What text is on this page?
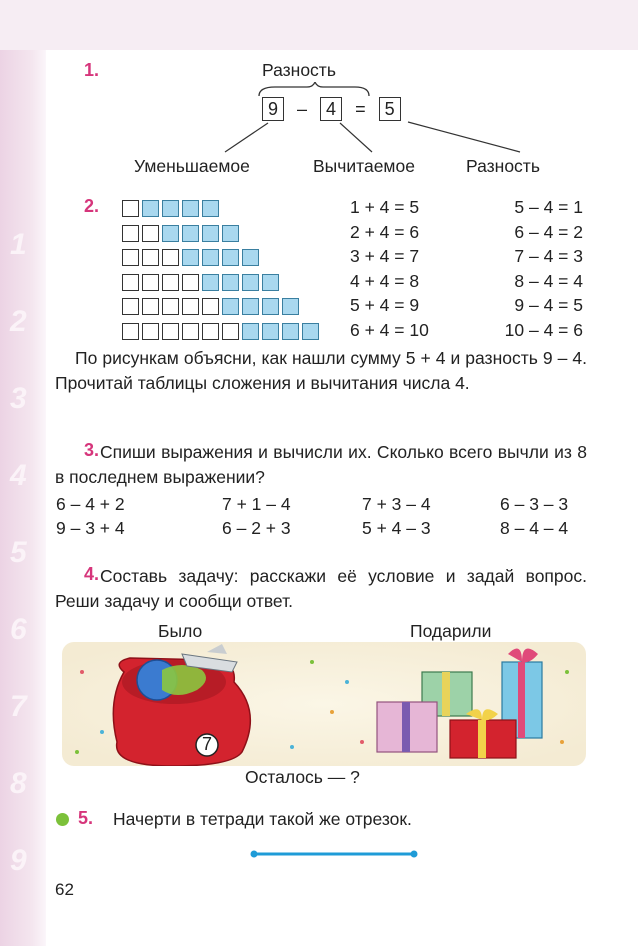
1
2
3
4
5
6
7
8
9
1.	Разность
9 – 4 = 5
Уменьшаемое	Вычитаемое	Разность
2.	1 + 4 = 5	5 – 4 = 1
2 + 4 = 6	6 – 4 = 2
3 + 4 = 7	7 – 4 = 3
4 + 4 = 8	8 – 4 = 4
5 + 4 = 9	9 – 4 = 5
6 + 4 = 10	10 – 4 = 6
По рисункам объясни, как нашли сумму 5 + 4 и разность 9 – 4. Прочитай таблицы сложения и вычитания числа 4.
3. Спиши выражения и вычисли их. Сколько всего вычли из 8 в последнем выражении?
6 – 4 + 2	7 + 1 – 4	7 + 3 – 4	6 – 3 – 3
9 – 3 + 4	6 – 2 + 3	5 + 4 – 3	8 – 4 – 4
4. Составь задачу: расскажи её условие и задай вопрос. Реши задачу и сообщи ответ.
Было	Подарили
7
Осталось — ?
5. Начерти в тетради такой же отрезок.
62
